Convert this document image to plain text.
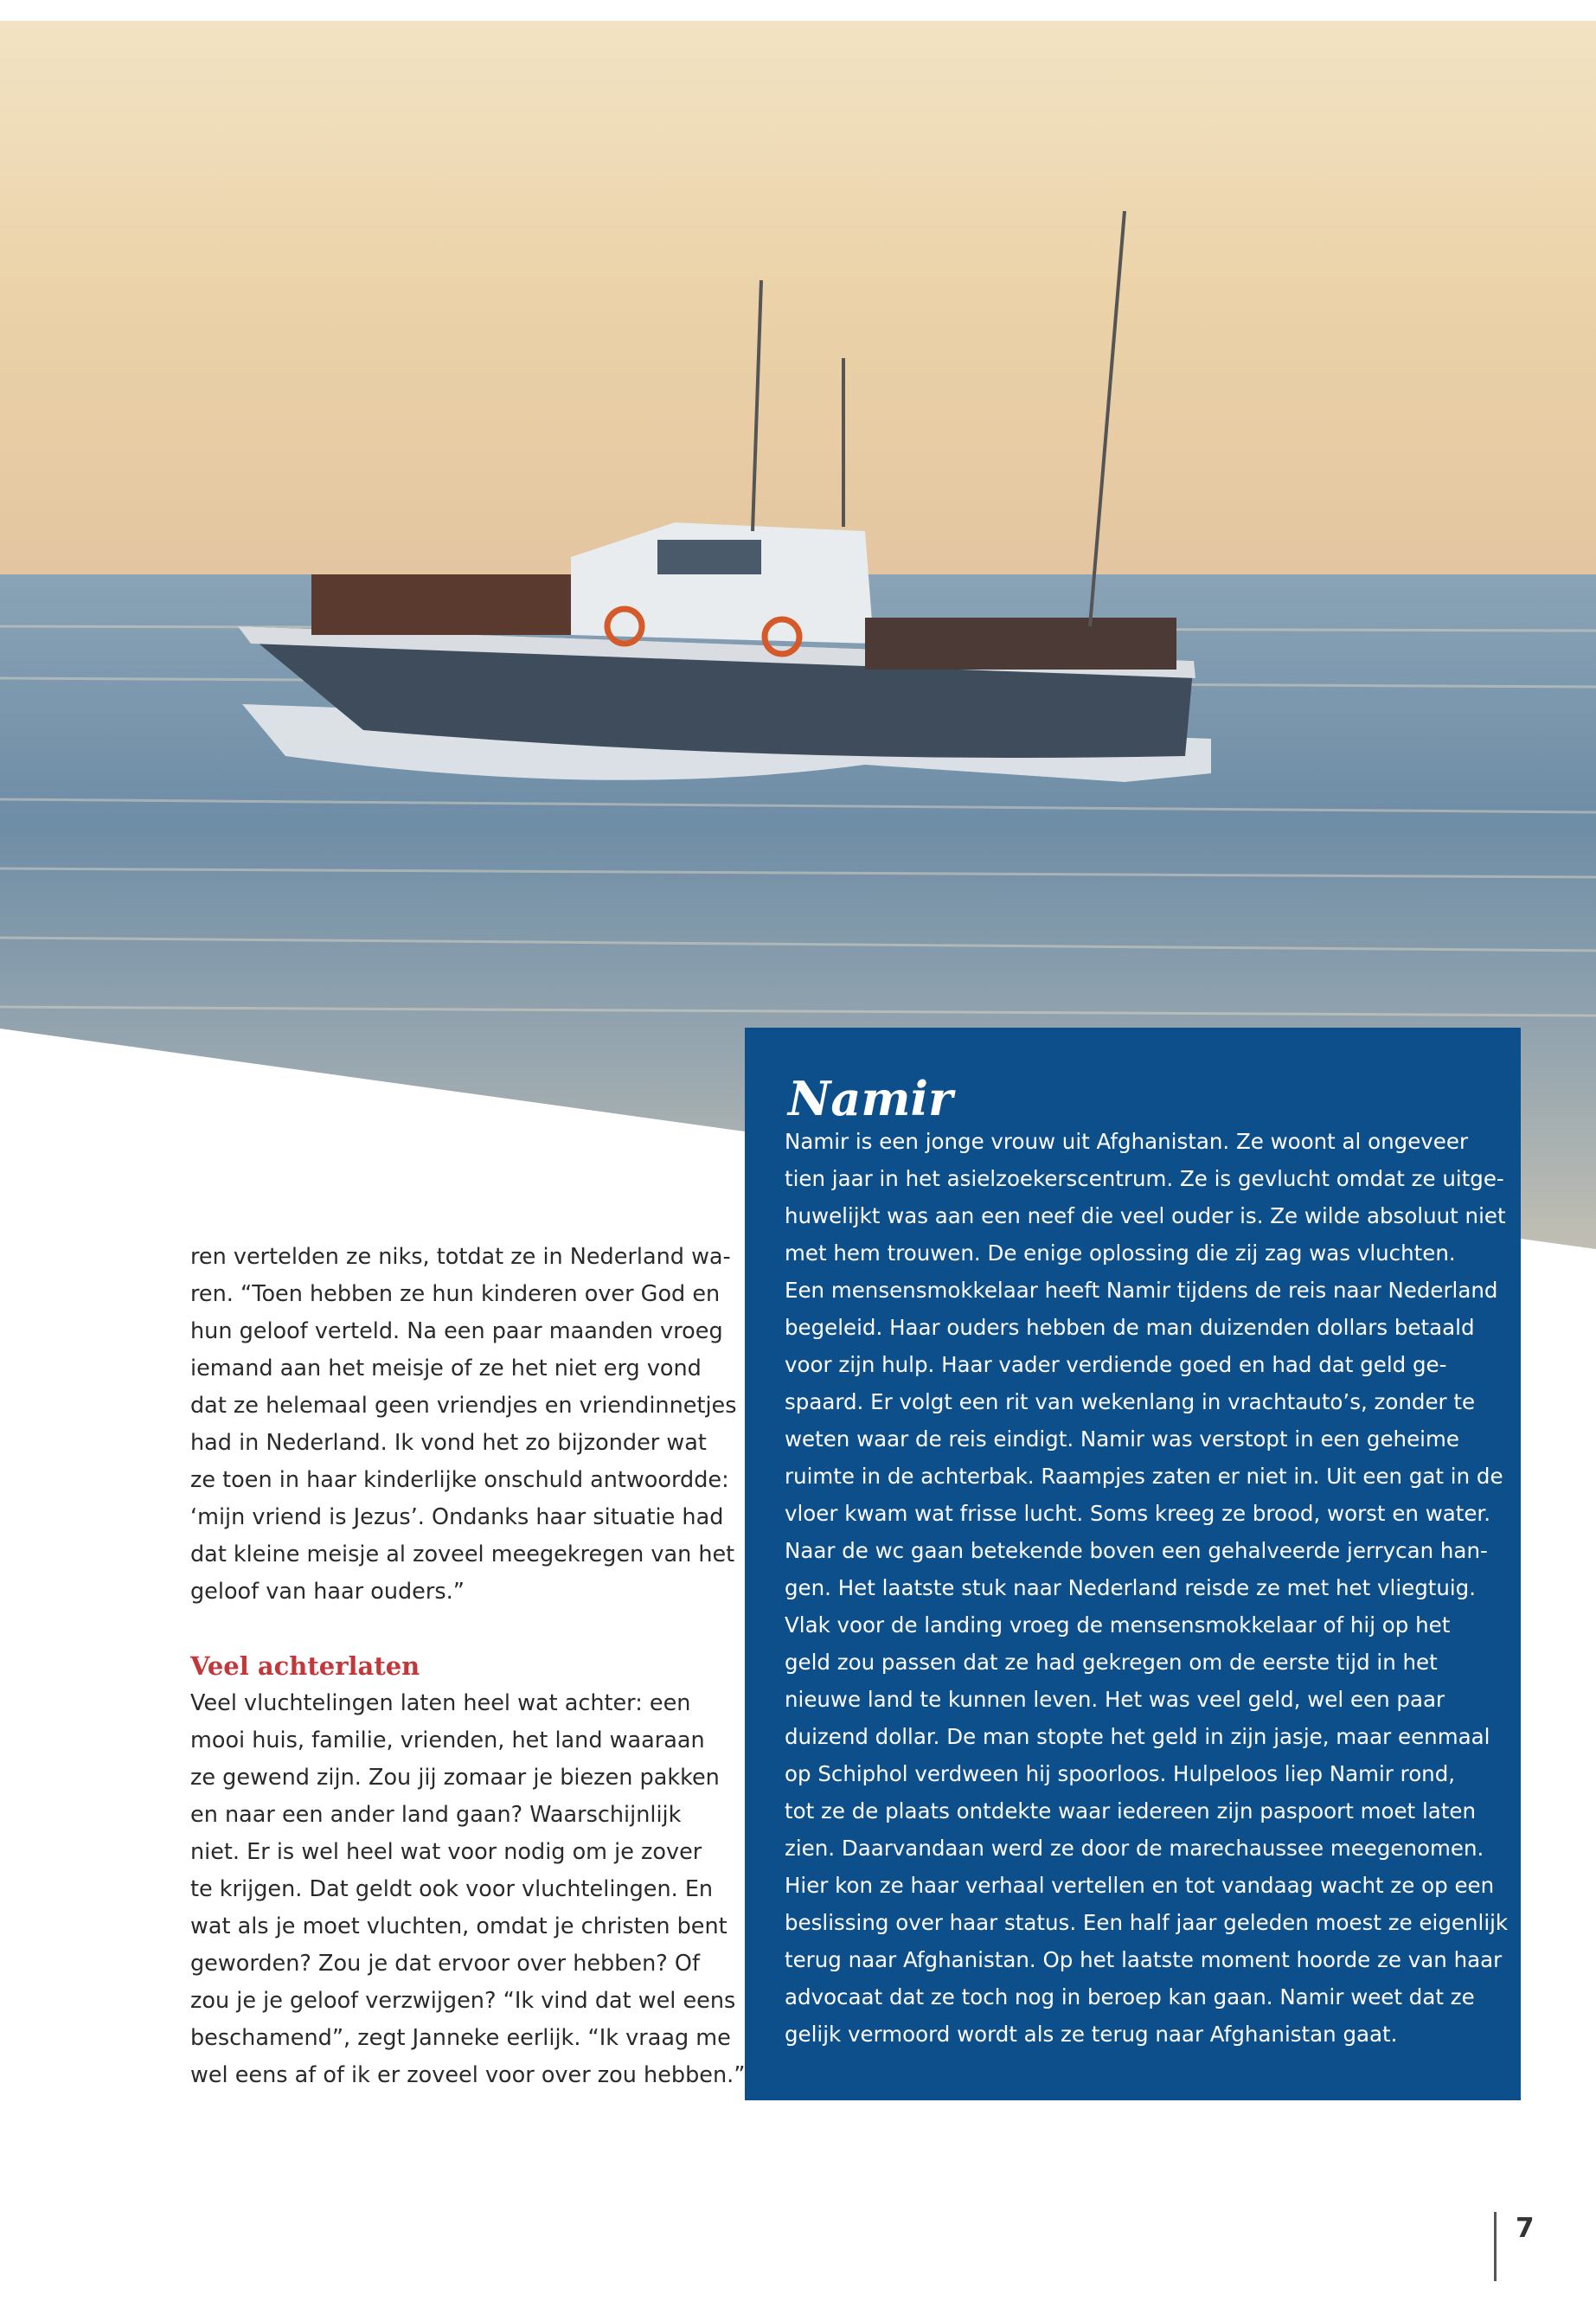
ren vertelden ze niks, totdat ze in Nederland wa-

ren. “Toen hebben ze hun kinderen over God en

hun geloof verteld. Na een paar maanden vroeg

iemand aan het meisje of ze het niet erg vond

dat ze helemaal geen vriendjes en vriendinnetjes

had in Nederland. Ik vond het zo bijzonder wat

ze toen in haar kinderlijke onschuld antwoordde:

‘mijn vriend is Jezus’. Ondanks haar situatie had

dat kleine meisje al zoveel meegekregen van het

geloof van haar ouders.”

Veel achterlaten

Veel vluchtelingen laten heel wat achter: een

mooi huis, familie, vrienden, het land waaraan

ze gewend zijn. Zou jij zomaar je biezen pakken

en naar een ander land gaan? Waarschijnlijk

niet. Er is wel heel wat voor nodig om je zover

te krijgen. Dat geldt ook voor vluchtelingen. En

wat als je moet vluchten, omdat je christen bent

geworden? Zou je dat ervoor over hebben? Of

zou je je geloof verzwijgen? “Ik vind dat wel eens

beschamend”, zegt Janneke eerlijk. “Ik vraag me

wel eens af of ik er zoveel voor over zou hebben.”

Namir

Namir is een jonge vrouw uit Afghanistan. Ze woont al ongeveer

tien jaar in het asielzoekerscentrum. Ze is gevlucht omdat ze uitge-

huwelijkt was aan een neef die veel ouder is. Ze wilde absoluut niet

met hem trouwen. De enige oplossing die zij zag was vluchten.

Een mensensmokkelaar heeft Namir tijdens de reis naar Nederland

begeleid. Haar ouders hebben de man duizenden dollars betaald

voor zijn hulp. Haar vader verdiende goed en had dat geld ge-

spaard. Er volgt een rit van wekenlang in vrachtauto’s, zonder te

weten waar de reis eindigt. Namir was verstopt in een geheime

ruimte in de achterbak. Raampjes zaten er niet in. Uit een gat in de

vloer kwam wat frisse lucht. Soms kreeg ze brood, worst en water.

Naar de wc gaan betekende boven een gehalveerde jerrycan han-

gen. Het laatste stuk naar Nederland reisde ze met het vliegtuig.

Vlak voor de landing vroeg de mensensmokkelaar of hij op het

geld zou passen dat ze had gekregen om de eerste tijd in het

nieuwe land te kunnen leven. Het was veel geld, wel een paar

duizend dollar. De man stopte het geld in zijn jasje, maar eenmaal

op Schiphol verdween hij spoorloos. Hulpeloos liep Namir rond,

tot ze de plaats ontdekte waar iedereen zijn paspoort moet laten

zien. Daarvandaan werd ze door de marechaussee meegenomen.

Hier kon ze haar verhaal vertellen en tot vandaag wacht ze op een

beslissing over haar status. Een half jaar geleden moest ze eigenlijk

terug naar Afghanistan. Op het laatste moment hoorde ze van haar

advocaat dat ze toch nog in beroep kan gaan. Namir weet dat ze

gelijk vermoord wordt als ze terug naar Afghanistan gaat.

7
